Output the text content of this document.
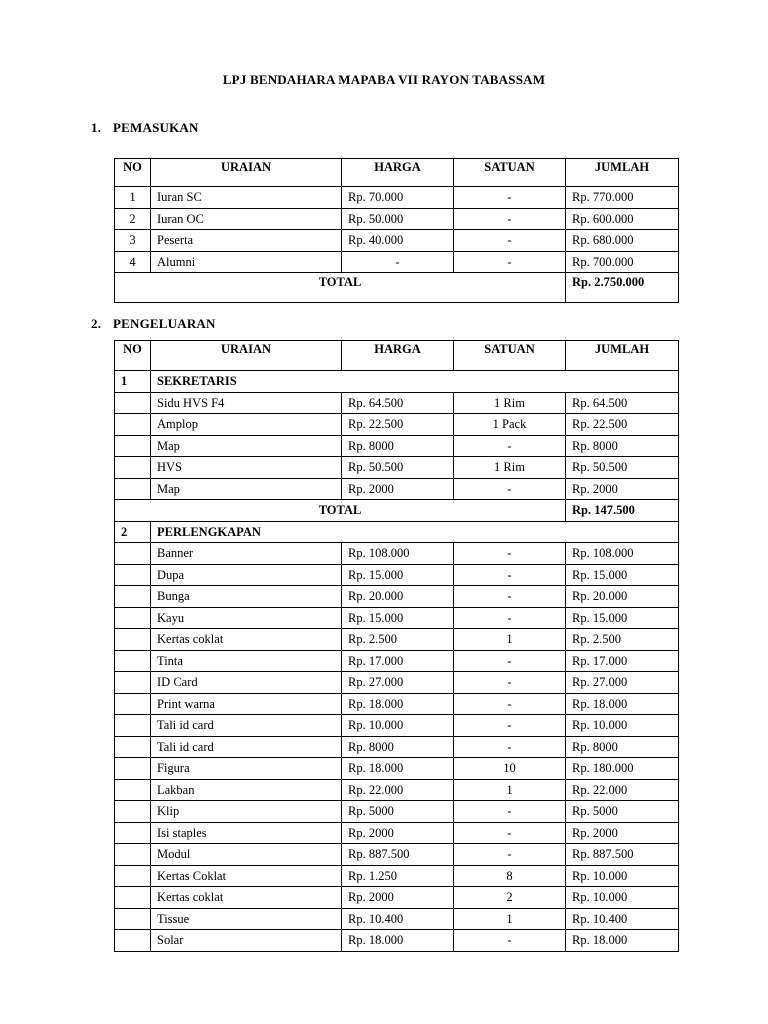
LPJ BENDAHARA MAPABA VII RAYON TABASSAM
1. PEMASUKAN
NO	URAIAN	HARGA	SATUAN	JUMLAH
1	Iuran SC	Rp. 70.000	-	Rp. 770.000
2	Iuran OC	Rp. 50.000	-	Rp. 600.000
3	Peserta	Rp. 40.000	-	Rp. 680.000
4	Alumni	-	-	Rp. 700.000
TOTAL				Rp. 2.750.000
2. PENGELUARAN
NO	URAIAN	HARGA	SATUAN	JUMLAH
1	SEKRETARIS			
	Sidu HVS F4	Rp. 64.500	1 Rim	Rp. 64.500
	Amplop	Rp. 22.500	1 Pack	Rp. 22.500
	Map	Rp. 8000	-	Rp. 8000
	HVS	Rp. 50.500	1 Rim	Rp. 50.500
	Map	Rp. 2000	-	Rp. 2000
TOTAL				Rp. 147.500
2	PERLENGKAPAN			
	Banner	Rp. 108.000	-	Rp. 108.000
	Dupa	Rp. 15.000	-	Rp. 15.000
	Bunga	Rp. 20.000	-	Rp. 20.000
	Kayu	Rp. 15.000	-	Rp. 15.000
	Kertas coklat	Rp. 2.500	1	Rp. 2.500
	Tinta	Rp. 17.000	-	Rp. 17.000
	ID Card	Rp. 27.000	-	Rp. 27.000
	Print warna	Rp. 18.000	-	Rp. 18.000
	Tali id card	Rp. 10.000	-	Rp. 10.000
	Tali id card	Rp. 8000	-	Rp. 8000
	Figura	Rp. 18.000	10	Rp. 180.000
	Lakban	Rp. 22.000	1	Rp. 22.000
	Klip	Rp. 5000	-	Rp. 5000
	Isi staples	Rp. 2000	-	Rp. 2000
	Modul	Rp. 887.500	-	Rp. 887.500
	Kertas Coklat	Rp. 1.250	8	Rp. 10.000
	Kertas coklat	Rp. 2000	2	Rp. 10.000
	Tissue	Rp. 10.400	1	Rp. 10.400
	Solar	Rp. 18.000	-	Rp. 18.000
